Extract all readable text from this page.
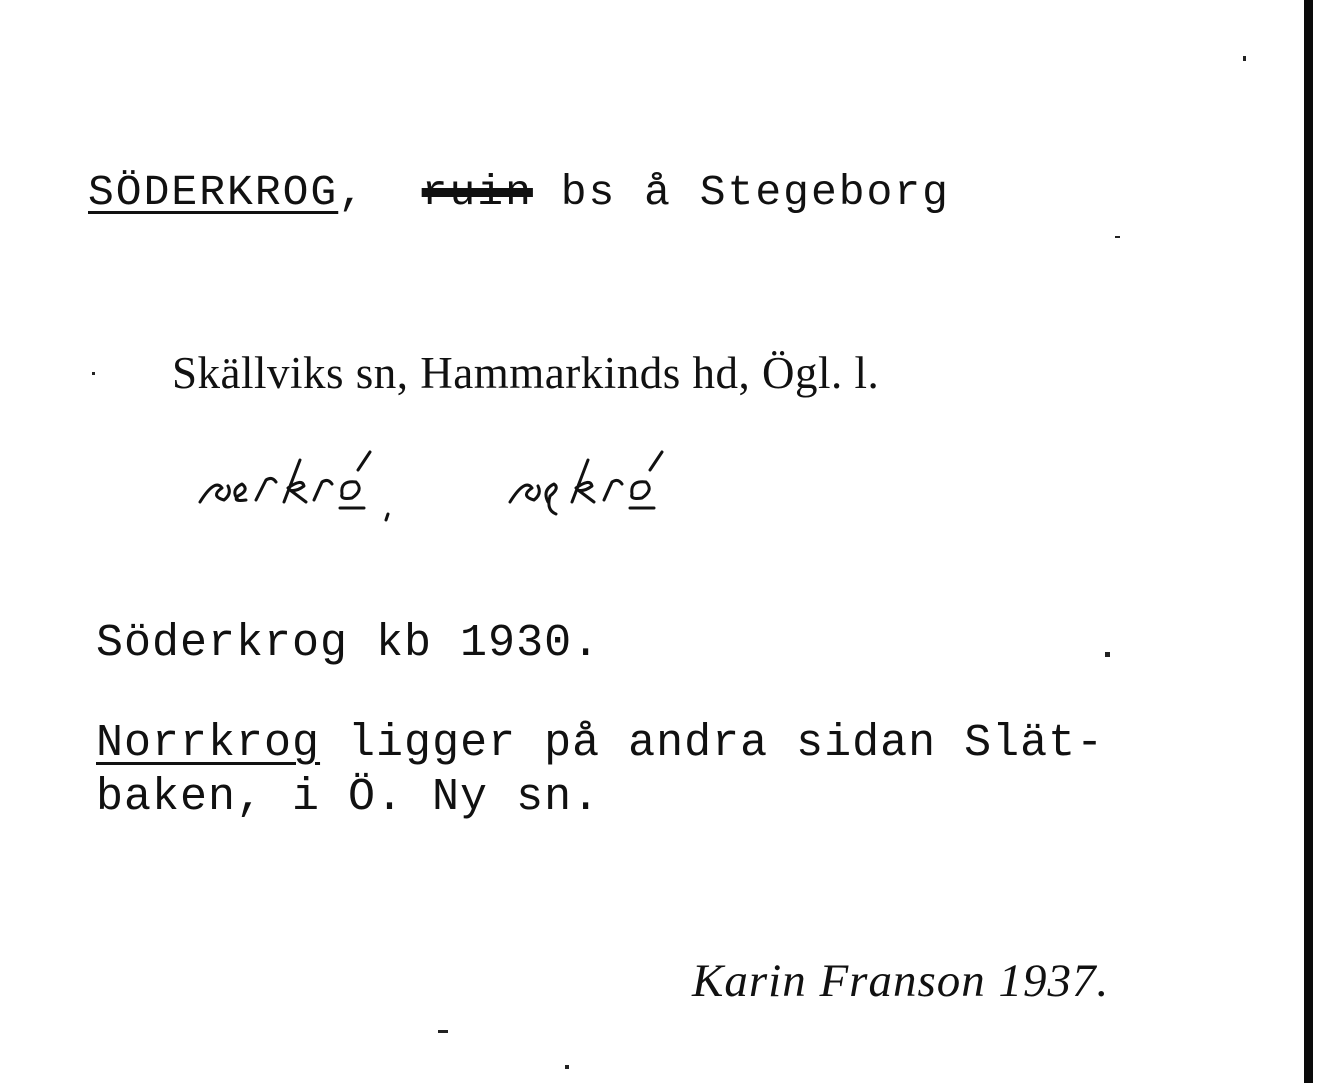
SÖDERKROG, ruin bs å Stegeborg
Skällviks sn, Hammarkinds hd, Ögl. l.
Söderkrog kb 1930.
Norrkrog ligger på andra sidan Slät-
baken, i Ö. Ny sn.
Karin Franson 1937.
